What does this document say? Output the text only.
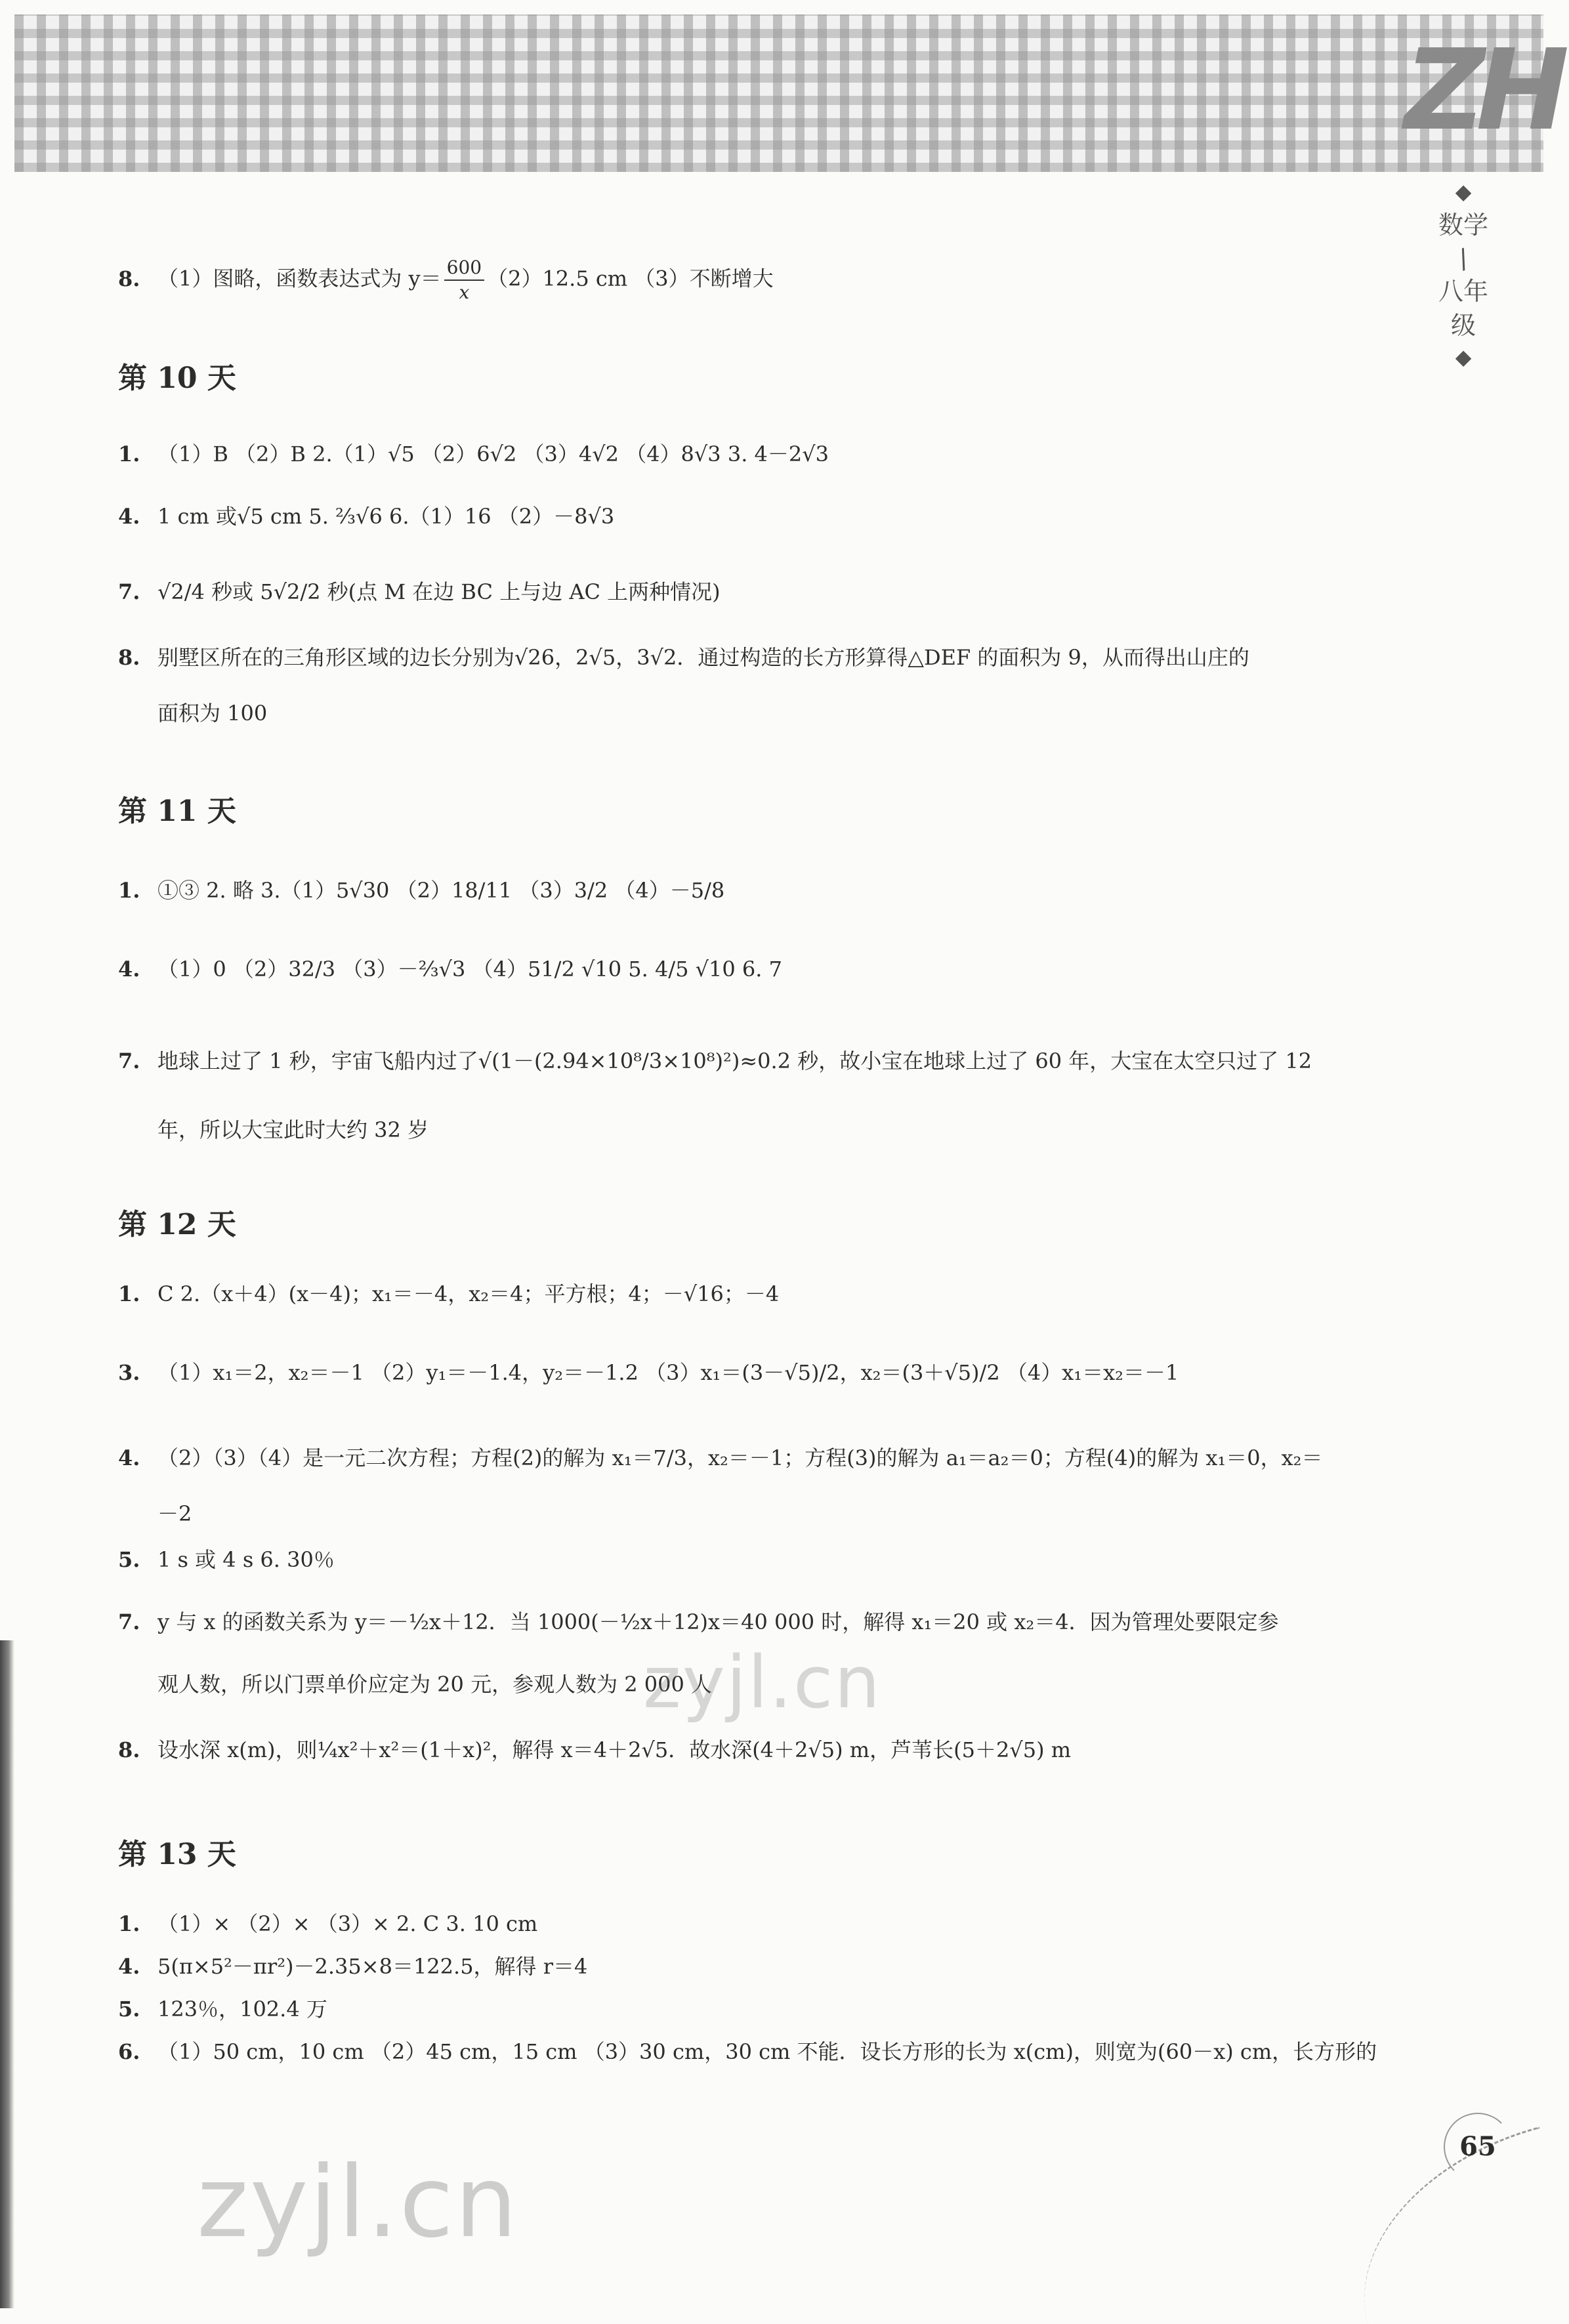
ZH
◆
数学
/
八年级
◆
8. （1）图略，函数表达式为 $y= \frac{600}{x} (2)12.5$ cm （3）不断增大
第 10 天
1. （1）B （2）B 2.（1）√5 （2）6√2 （3）4√2 （4）8√3 3. 4－2√3
4. 1 cm 或√5 cm 5. ⅔√6 6.（1）16 （2）－8√3
7. √2/4 秒或 5√2/2 秒(点 M 在边 BC 上与边 AC 上两种情况)
8. 别墅区所在的三角形区域的边长分别为√26，2√5，3√2．通过构造的长方形算得△DEF 的面积为 9，从而得出山庄的
面积为 100
第 11 天
1. ①③ 2. 略 3.（1）5√30 （2）18/11 （3）3/2 （4）－5/8
4. （1）0 （2）32/3 （3）－⅔√3 （4）51/2 √10 5. 4/5 √10 6. 7
7. 地球上过了 1 秒，宇宙飞船内过了√(1－(2.94×10⁸/3×10⁸)²)≈0.2 秒，故小宝在地球上过了 60 年，大宝在太空只过了 12
年，所以大宝此时大约 32 岁
第 12 天
1. C 2.（x＋4）(x－4)；x₁＝－4，x₂＝4；平方根；4；－√16；－4
3. （1）x₁＝2，x₂＝－1 （2）y₁＝－1.4，y₂＝－1.2 （3）x₁＝(3－√5)/2，x₂＝(3＋√5)/2 （4）x₁＝x₂＝－1
4. （2）（3）（4）是一元二次方程；方程(2)的解为 x₁＝7/3，x₂＝－1；方程(3)的解为 a₁＝a₂＝0；方程(4)的解为 x₁＝0，x₂＝
－2
5. 1 s 或 4 s 6. 30％
7. y 与 x 的函数关系为 y＝－½x＋12．当 1000(－½x＋12)x＝40 000 时，解得 x₁＝20 或 x₂＝4．因为管理处要限定参
观人数，所以门票单价应定为 20 元，参观人数为 2 000 人
8. 设水深 x(m)，则¼x²＋x²＝(1＋x)²，解得 x＝4＋2√5．故水深(4＋2√5) m，芦苇长(5＋2√5) m
第 13 天
1. （1）× （2）× （3）× 2. C 3. 10 cm
4. 5(π×5²－πr²)－2.35×8＝122.5，解得 r＝4
5. 123％，102.4 万
6. （1）50 cm，10 cm （2）45 cm，15 cm （3）30 cm，30 cm 不能．设长方形的长为 x(cm)，则宽为(60－x) cm，长方形的
zyjl.cn
zyjl.cn	65
